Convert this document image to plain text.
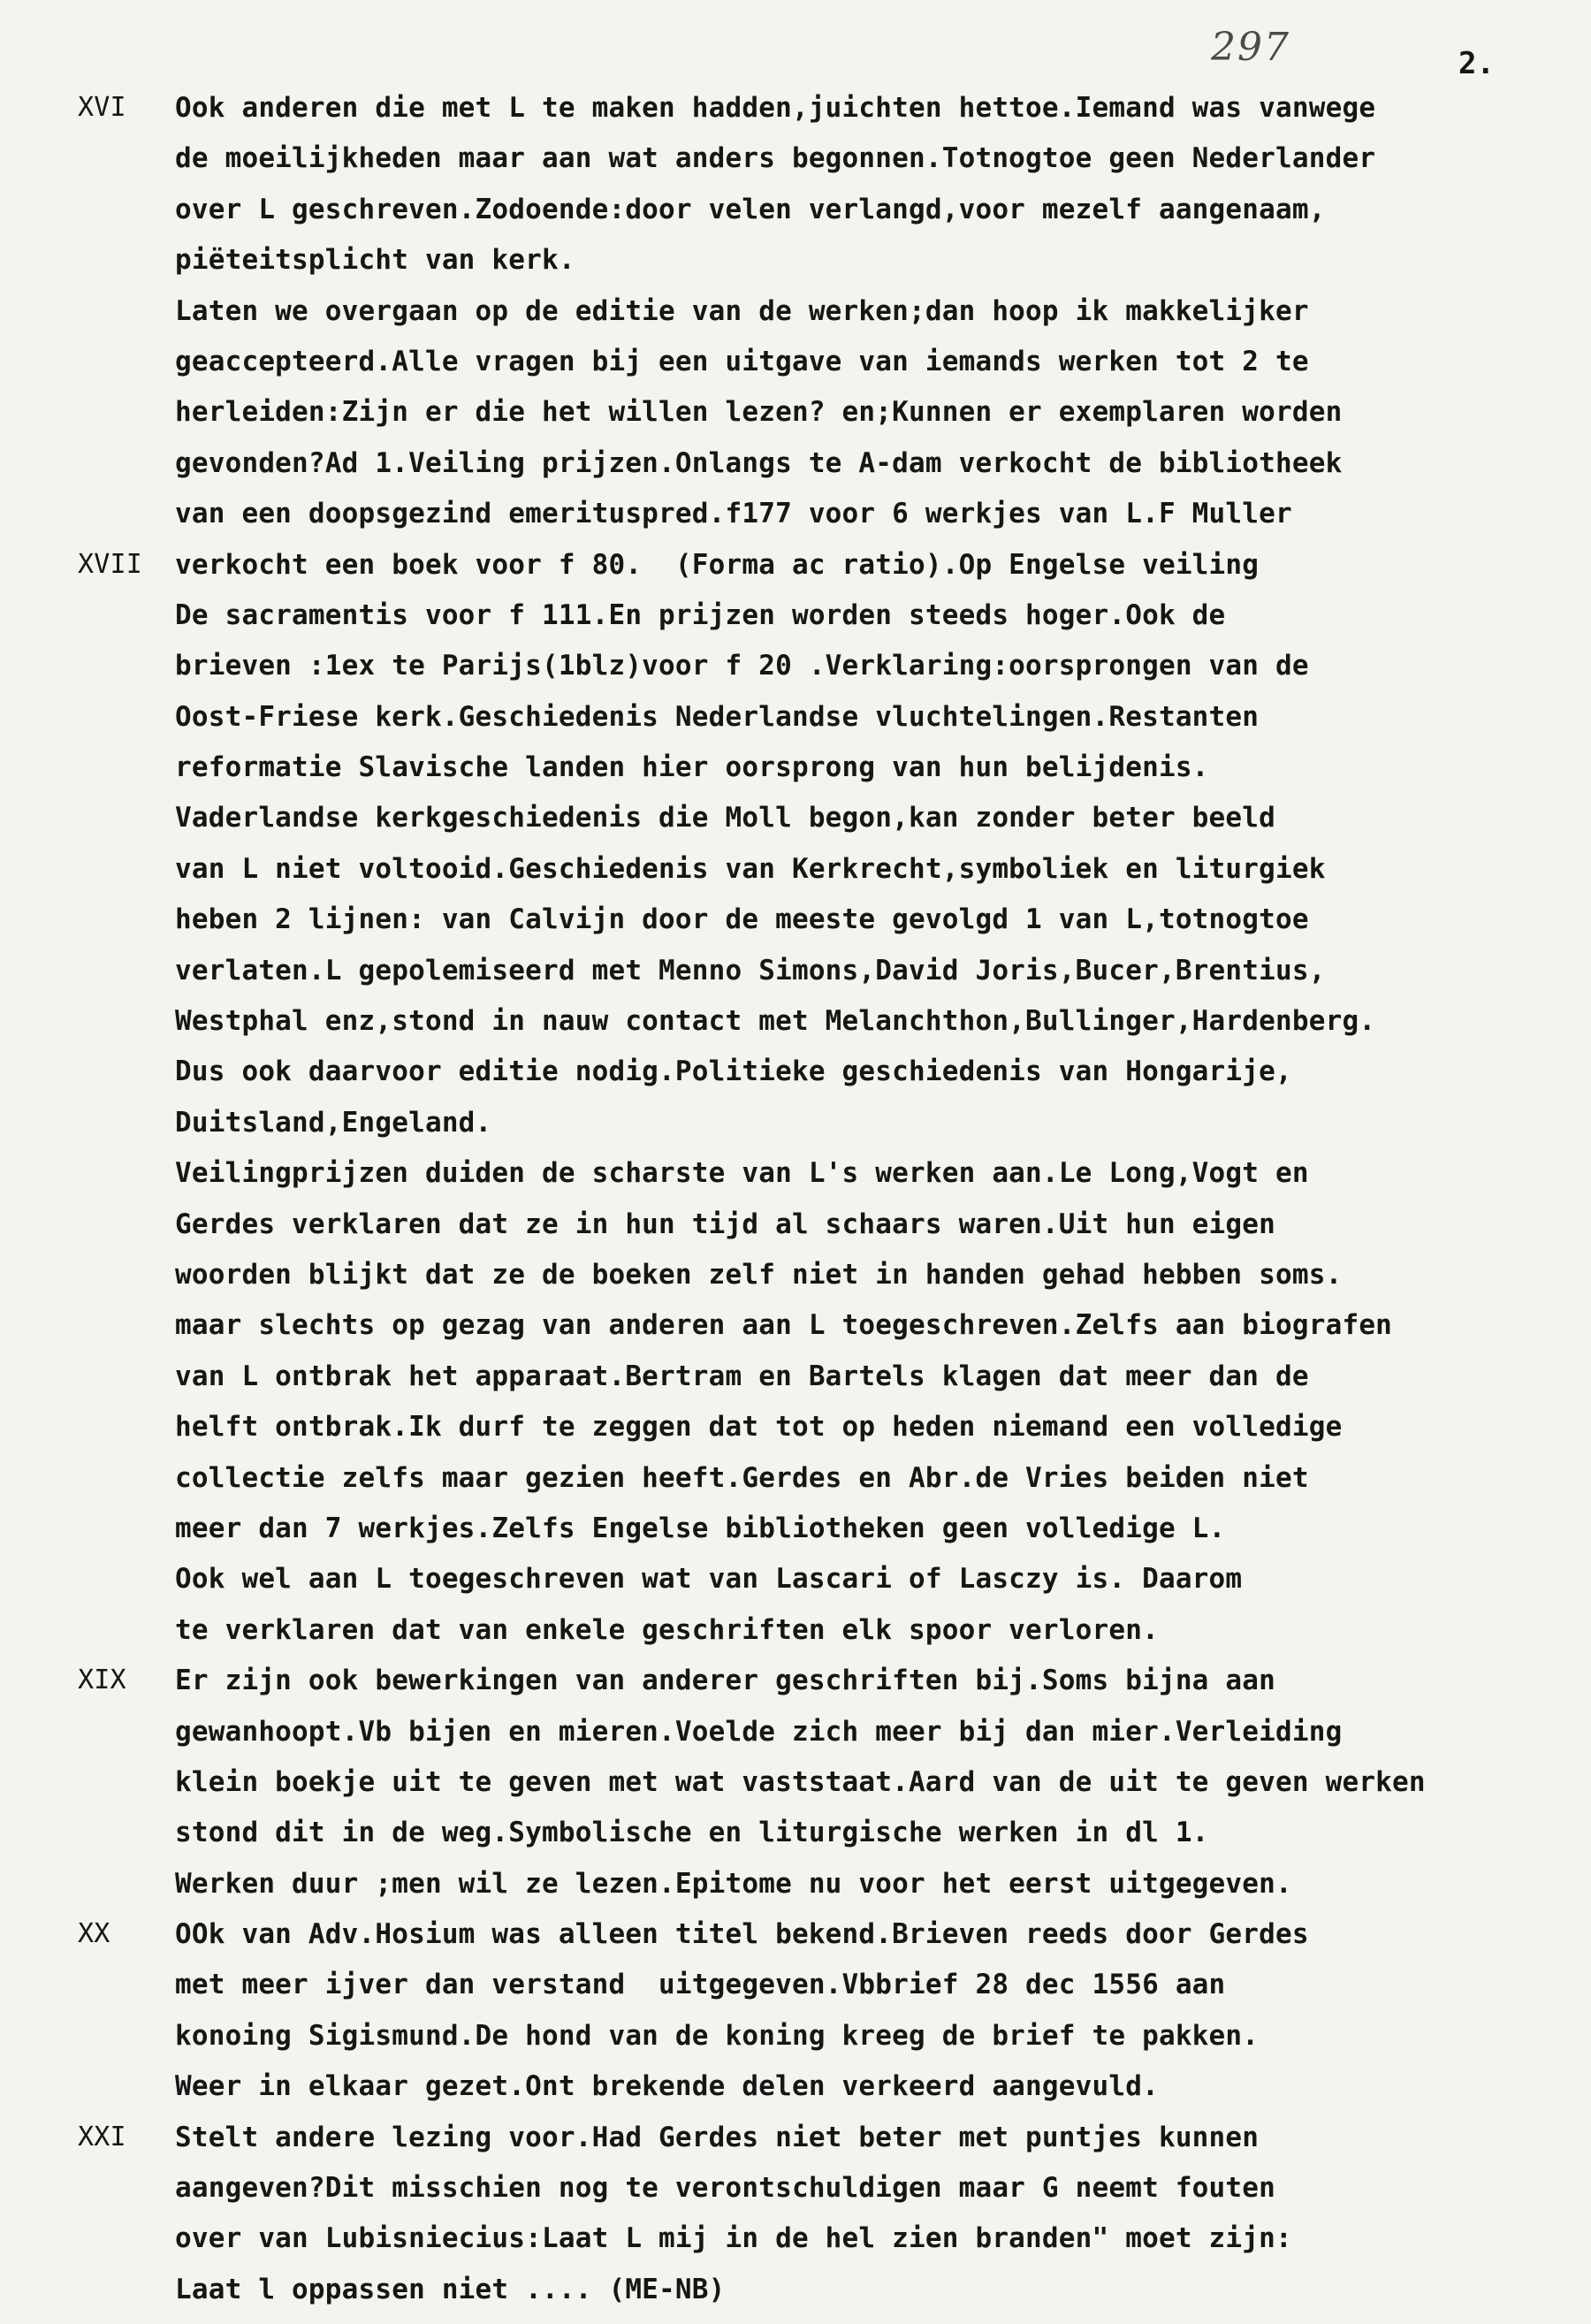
297	2.
XVI Ook anderen die met L te maken hadden,juichten hettoe.Iemand was vanwege
de moeilijkheden maar aan wat anders begonnen.Totnogtoe geen Nederlander
over L geschreven.Zodoende:door velen verlangd,voor mezelf aangenaam,
piëteitsplicht van kerk.
Laten we overgaan op de editie van de werken;dan hoop ik makkelijker
geaccepteerd.Alle vragen bij een uitgave van iemands werken tot 2 te
herleiden:Zijn er die het willen lezen? en;Kunnen er exemplaren worden
gevonden?Ad 1.Veiling prijzen.Onlangs te A-dam verkocht de bibliotheek
van een doopsgezind emerituspred.f177 voor 6 werkjes van L.F Muller
XVII verkocht een boek voor f 80.  (Forma ac ratio).Op Engelse veiling
De sacramentis voor f 111.En prijzen worden steeds hoger.Ook de
brieven :1ex te Parijs(1blz)voor f 20 .Verklaring:oorsprongen van de
Oost-Friese kerk.Geschiedenis Nederlandse vluchtelingen.Restanten
reformatie Slavische landen hier oorsprong van hun belijdenis.
Vaderlandse kerkgeschiedenis die Moll begon,kan zonder beter beeld
van L niet voltooid.Geschiedenis van Kerkrecht,symboliek en liturgiek
heben 2 lijnen: van Calvijn door de meeste gevolgd 1 van L,totnogtoe
verlaten.L gepolemiseerd met Menno Simons,David Joris,Bucer,Brentius,
Westphal enz,stond in nauw contact met Melanchthon,Bullinger,Hardenberg.
Dus ook daarvoor editie nodig.Politieke geschiedenis van Hongarije,
Duitsland,Engeland.
Veilingprijzen duiden de scharste van L's werken aan.Le Long,Vogt en
Gerdes verklaren dat ze in hun tijd al schaars waren.Uit hun eigen
woorden blijkt dat ze de boeken zelf niet in handen gehad hebben soms.
maar slechts op gezag van anderen aan L toegeschreven.Zelfs aan biografen
van L ontbrak het apparaat.Bertram en Bartels klagen dat meer dan de
helft ontbrak.Ik durf te zeggen dat tot op heden niemand een volledige
collectie zelfs maar gezien heeft.Gerdes en Abr.de Vries beiden niet
meer dan 7 werkjes.Zelfs Engelse bibliotheken geen volledige L.
Ook wel aan L toegeschreven wat van Lascari of Lasczy is. Daarom
te verklaren dat van enkele geschriften elk spoor verloren.
XIX Er zijn ook bewerkingen van anderer geschriften bij.Soms bijna aan
gewanhoopt.Vb bijen en mieren.Voelde zich meer bij dan mier.Verleiding
klein boekje uit te geven met wat vaststaat.Aard van de uit te geven werken
stond dit in de weg.Symbolische en liturgische werken in dl 1.
Werken duur ;men wil ze lezen.Epitome nu voor het eerst uitgegeven.
XX OOk van Adv.Hosium was alleen titel bekend.Brieven reeds door Gerdes
met meer ijver dan verstand  uitgegeven.Vbbrief 28 dec 1556 aan
konoing Sigismund.De hond van de koning kreeg de brief te pakken.
Weer in elkaar gezet.Ont brekende delen verkeerd aangevuld.
XXI Stelt andere lezing voor.Had Gerdes niet beter met puntjes kunnen
aangeven?Dit misschien nog te verontschuldigen maar G neemt fouten
over van Lubisniecius:Laat L mij in de hel zien branden" moet zijn:
Laat l oppassen niet .... (ME-NB)
